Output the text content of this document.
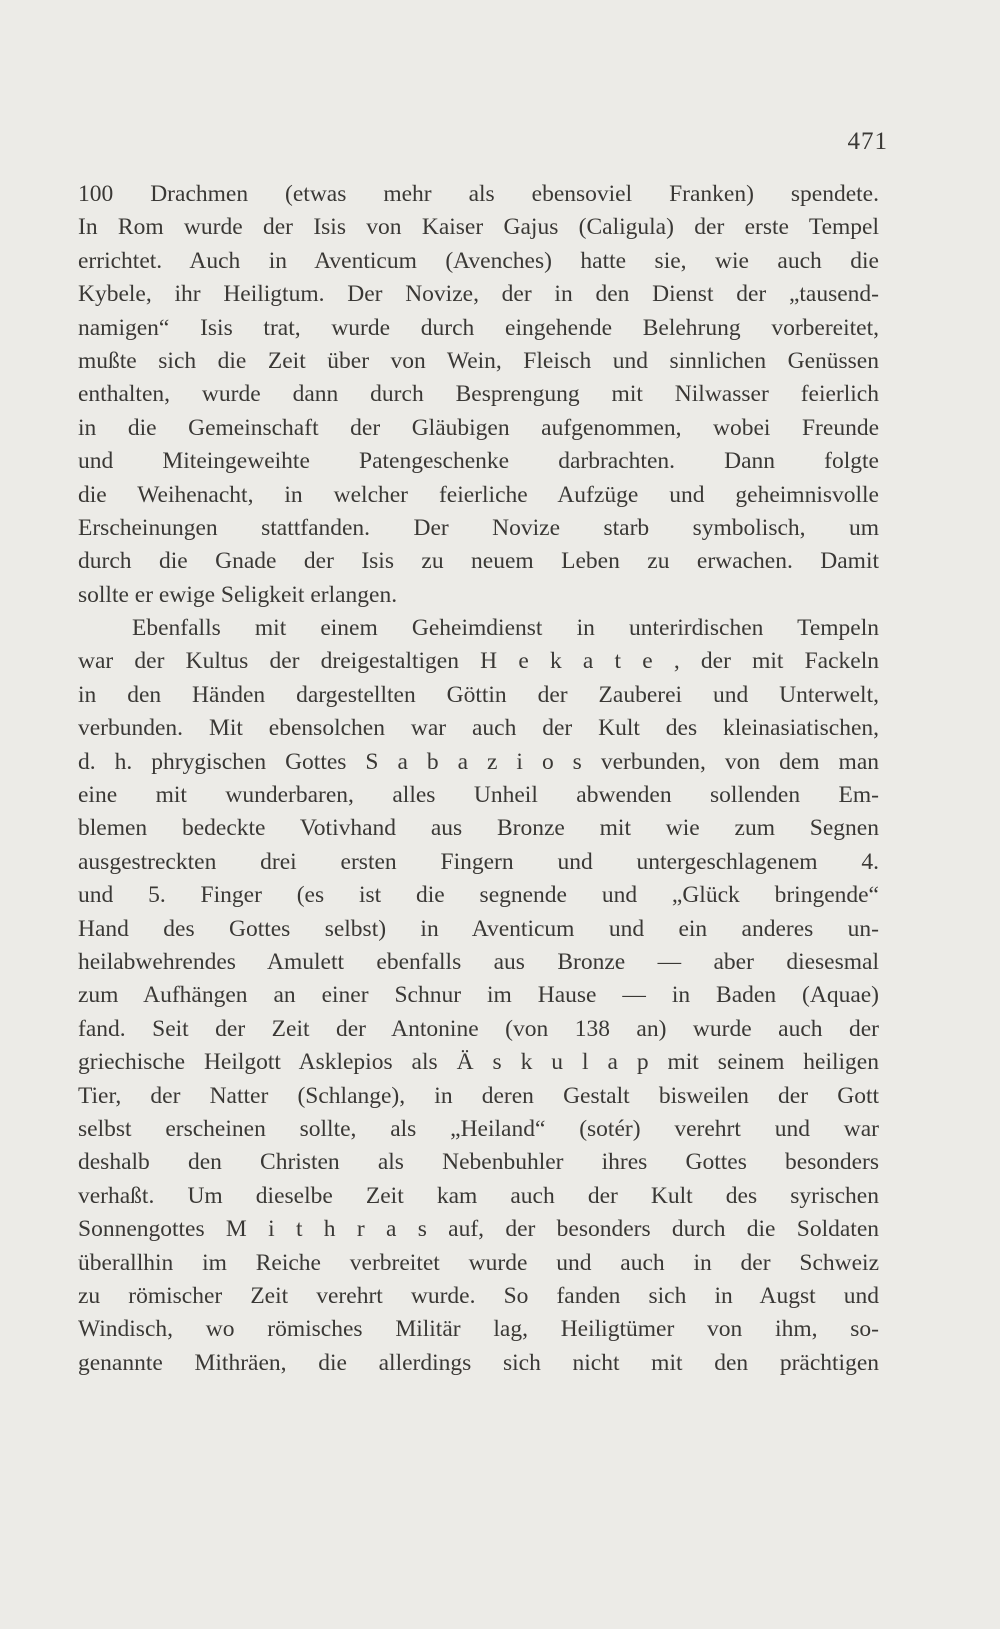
471
100 Drachmen (etwas mehr als ebensoviel Franken) spendete.
In Rom wurde der Isis von Kaiser Gajus (Caligula) der erste Tempel
errichtet. Auch in Aventicum (Avenches) hatte sie, wie auch die
Kybele, ihr Heiligtum. Der Novize, der in den Dienst der „tausend-
namigen“ Isis trat, wurde durch eingehende Belehrung vorbereitet,
mußte sich die Zeit über von Wein, Fleisch und sinnlichen Genüssen
enthalten, wurde dann durch Besprengung mit Nilwasser feierlich
in die Gemeinschaft der Gläubigen aufgenommen, wobei Freunde
und Miteingeweihte Patengeschenke darbrachten. Dann folgte
die Weihenacht, in welcher feierliche Aufzüge und geheimnisvolle
Erscheinungen stattfanden. Der Novize starb symbolisch, um
durch die Gnade der Isis zu neuem Leben zu erwachen. Damit
sollte er ewige Seligkeit erlangen.
Ebenfalls mit einem Geheimdienst in unterirdischen Tempeln
war der Kultus der dreigestaltigen H e k a t e , der mit Fackeln
in den Händen dargestellten Göttin der Zauberei und Unterwelt,
verbunden. Mit ebensolchen war auch der Kult des kleinasiatischen,
d. h. phrygischen Gottes S a b a z i o s verbunden, von dem man
eine mit wunderbaren, alles Unheil abwenden sollenden Em-
blemen bedeckte Votivhand aus Bronze mit wie zum Segnen
ausgestreckten drei ersten Fingern und untergeschlagenem 4.
und 5. Finger (es ist die segnende und „Glück bringende“
Hand des Gottes selbst) in Aventicum und ein anderes un-
heilabwehrendes Amulett ebenfalls aus Bronze — aber diesesmal
zum Aufhängen an einer Schnur im Hause — in Baden (Aquae)
fand. Seit der Zeit der Antonine (von 138 an) wurde auch der
griechische Heilgott Asklepios als Ä s k u l a p mit seinem heiligen
Tier, der Natter (Schlange), in deren Gestalt bisweilen der Gott
selbst erscheinen sollte, als „Heiland“ (sotér) verehrt und war
deshalb den Christen als Nebenbuhler ihres Gottes besonders
verhaßt. Um dieselbe Zeit kam auch der Kult des syrischen
Sonnengottes M i t h r a s auf, der besonders durch die Soldaten
überallhin im Reiche verbreitet wurde und auch in der Schweiz
zu römischer Zeit verehrt wurde. So fanden sich in Augst und
Windisch, wo römisches Militär lag, Heiligtümer von ihm, so-
genannte Mithräen, die allerdings sich nicht mit den prächtigen
